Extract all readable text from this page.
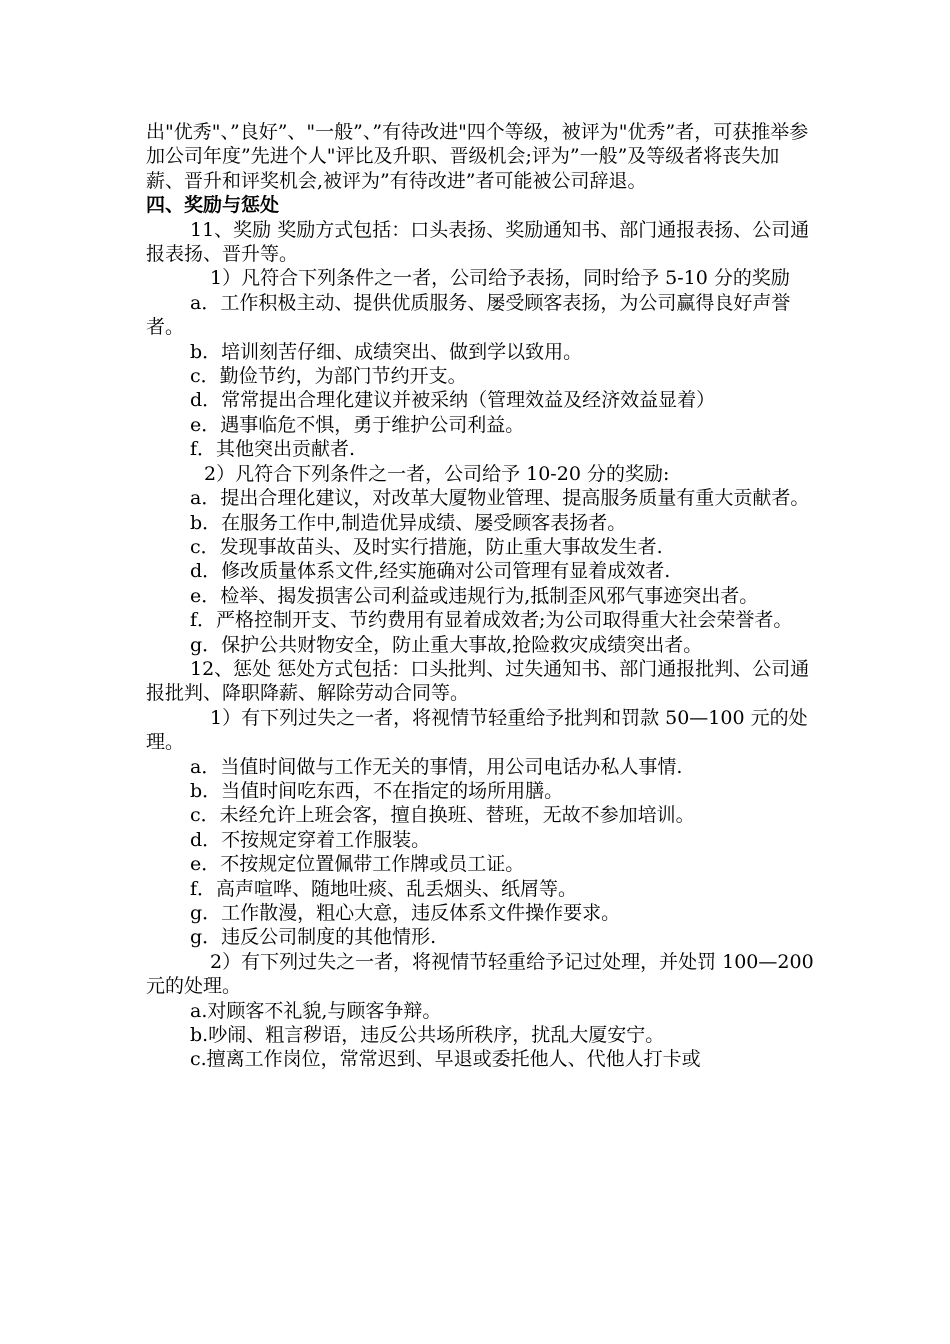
出"优秀"、”良好”、"一般”、”有待改进"四个等级，被评为"优秀”者，可获推举参加公司年度”先进个人"评比及升职、晋级机会;评为”一般”及等级者将丧失加薪、晋升和评奖机会,被评为”有待改进”者可能被公司辞退。

四、奖励与惩处

11、奖励 奖励方式包括：口头表扬、奖励通知书、部门通报表扬、公司通报表扬、晋升等。

1）凡符合下列条件之一者，公司给予表扬，同时给予 5-10 分的奖励

a．工作积极主动、提供优质服务、屡受顾客表扬，为公司赢得良好声誉者。

b．培训刻苦仔细、成绩突出、做到学以致用。

c．勤俭节约，为部门节约开支。

d．常常提出合理化建议并被采纳（管理效益及经济效益显着）

e．遇事临危不惧，勇于维护公司利益。

f．其他突出贡献者.

2）凡符合下列条件之一者，公司给予 10-20 分的奖励:

a．提出合理化建议，对改革大厦物业管理、提高服务质量有重大贡献者。

b．在服务工作中,制造优异成绩、屡受顾客表扬者。

c．发现事故苗头、及时实行措施，防止重大事故发生者.

d．修改质量体系文件,经实施确对公司管理有显着成效者.

e．检举、揭发损害公司利益或违规行为,抵制歪风邪气事迹突出者。

f．严格控制开支、节约费用有显着成效者;为公司取得重大社会荣誉者。

g．保护公共财物安全，防止重大事故,抢险救灾成绩突出者。

12、惩处 惩处方式包括：口头批判、过失通知书、部门通报批判、公司通报批判、降职降薪、解除劳动合同等。

1）有下列过失之一者，将视情节轻重给予批判和罚款 50—100 元的处理。

a．当值时间做与工作无关的事情，用公司电话办私人事情.

b．当值时间吃东西，不在指定的场所用膳。

c．未经允许上班会客，擅自换班、替班，无故不参加培训。

d．不按规定穿着工作服装。

e．不按规定位置佩带工作牌或员工证。

f．高声喧哗、随地吐痰、乱丢烟头、纸屑等。

g．工作散漫，粗心大意，违反体系文件操作要求。

g．违反公司制度的其他情形.

2）有下列过失之一者，将视情节轻重给予记过处理，并处罚 100—200 元的处理。

a.对顾客不礼貌,与顾客争辩。

b.吵闹、粗言秽语，违反公共场所秩序，扰乱大厦安宁。

c.擅离工作岗位，常常迟到、早退或委托他人、代他人打卡或
